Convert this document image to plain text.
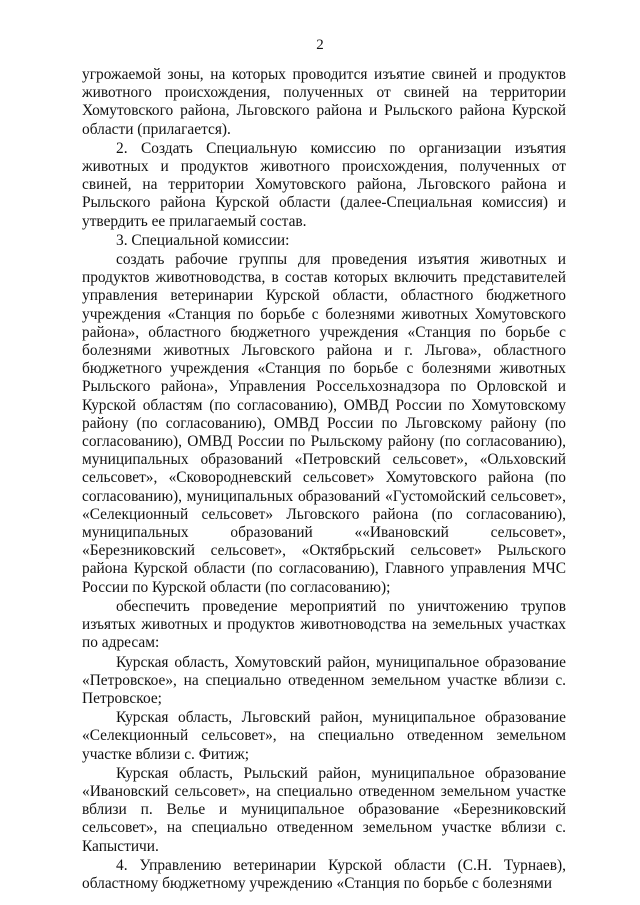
2

угрожаемой зоны, на которых проводится изъятие свиней и продуктов животного происхождения, полученных от свиней на территории Хомутовского района, Льговского района и Рыльского района Курской области (прилагается).

2. Создать Специальную комиссию по организации изъятия животных и продуктов животного происхождения, полученных от свиней, на территории Хомутовского района, Льговского района и Рыльского района Курской области (далее-Специальная комиссия) и утвердить ее прилагаемый состав.

3. Специальной комиссии:

создать рабочие группы для проведения изъятия животных и продуктов животноводства, в состав которых включить представителей управления ветеринарии Курской области, областного бюджетного учреждения «Станция по борьбе с болезнями животных Хомутовского района», областного бюджетного учреждения «Станция по борьбе с болезнями животных Льговского района и г. Льгова», областного бюджетного учреждения «Станция по борьбе с болезнями животных Рыльского района», Управления Россельхознадзора по Орловской и Курской областям (по согласованию), ОМВД России по Хомутовскому району (по согласованию), ОМВД России по Льговскому району (по согласованию), ОМВД России по Рыльскому району (по согласованию), муниципальных образований «Петровский сельсовет», «Ольховский сельсовет», «Сковородневский сельсовет» Хомутовского района (по согласованию), муниципальных образований «Густомойский сельсовет», «Селекционный сельсовет» Льговского района (по согласованию), муниципальных образований ««Ивановский сельсовет», «Березниковский сельсовет», «Октябрьский сельсовет» Рыльского района Курской области (по согласованию), Главного управления МЧС России по Курской области (по согласованию);

обеспечить проведение мероприятий по уничтожению трупов изъятых животных и продуктов животноводства на земельных участках по адресам:

Курская область, Хомутовский район, муниципальное образование «Петровское», на специально отведенном земельном участке вблизи с. Петровское;

Курская область, Льговский район, муниципальное образование «Селекционный сельсовет», на специально отведенном земельном участке вблизи с. Фитиж;

Курская область, Рыльский район, муниципальное образование «Ивановский сельсовет», на специально отведенном земельном участке вблизи п. Велье и муниципальное образование «Березниковский сельсовет», на специально отведенном земельном участке вблизи с. Капыстичи.

4. Управлению ветеринарии Курской области (С.Н. Турнаев), областному бюджетному учреждению «Станция по борьбе с болезнями
